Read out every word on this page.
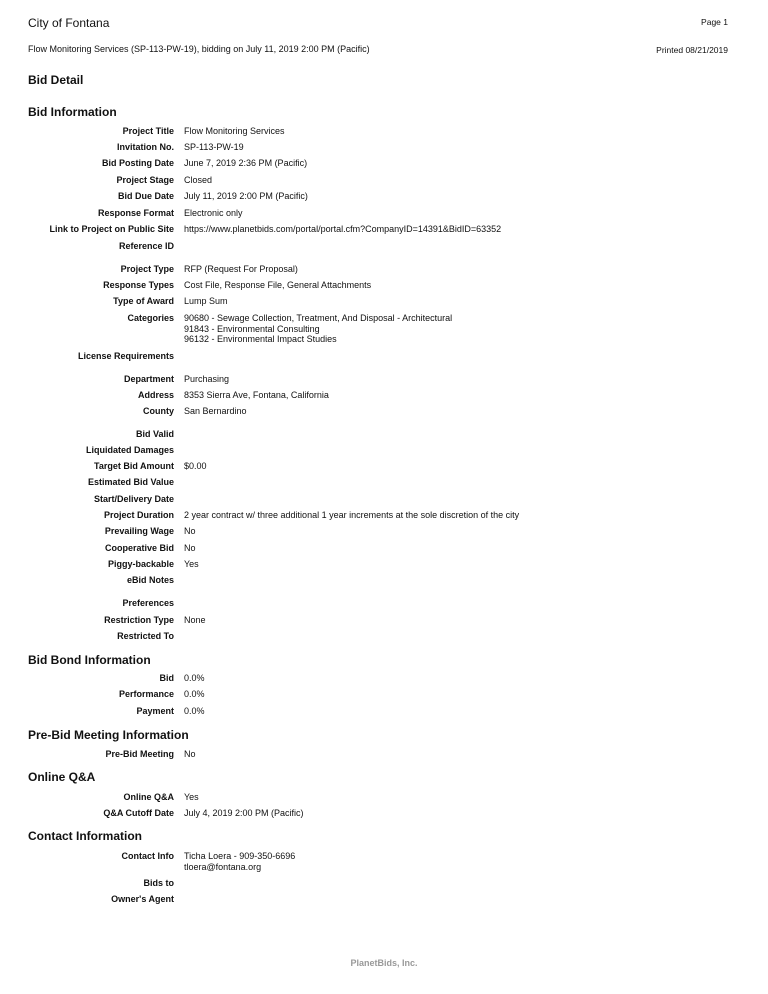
City of Fontana	Page 1
Flow Monitoring Services (SP-113-PW-19), bidding on July 11, 2019 2:00 PM (Pacific)	Printed 08/21/2019
Bid Detail
Bid Information
Project Title Flow Monitoring Services
Invitation No. SP-113-PW-19
Bid Posting Date June 7, 2019 2:36 PM (Pacific)
Project Stage Closed
Bid Due Date July 11, 2019 2:00 PM (Pacific)
Response Format Electronic only
Link to Project on Public Site https://www.planetbids.com/portal/portal.cfm?CompanyID=14391&BidID=63352
Reference ID
Project Type RFP (Request For Proposal)
Response Types Cost File, Response File, General Attachments
Type of Award Lump Sum
Categories 90680 - Sewage Collection, Treatment, And Disposal - Architectural
91843 - Environmental Consulting
96132 - Environmental Impact Studies
License Requirements
Department Purchasing
Address 8353 Sierra Ave, Fontana, California
County San Bernardino
Bid Valid
Liquidated Damages
Target Bid Amount $0.00
Estimated Bid Value
Start/Delivery Date
Project Duration 2 year contract w/ three additional 1 year increments at the sole discretion of the city
Prevailing Wage No
Cooperative Bid No
Piggy-backable Yes
eBid Notes
Preferences
Restriction Type None
Restricted To
Bid Bond Information
Bid 0.0%
Performance 0.0%
Payment 0.0%
Pre-Bid Meeting Information
Pre-Bid Meeting No
Online Q&A
Online Q&A Yes
Q&A Cutoff Date July 4, 2019 2:00 PM (Pacific)
Contact Information
Contact Info Ticha Loera - 909-350-6696
tloera@fontana.org
Bids to
Owner's Agent
PlanetBids, Inc.
